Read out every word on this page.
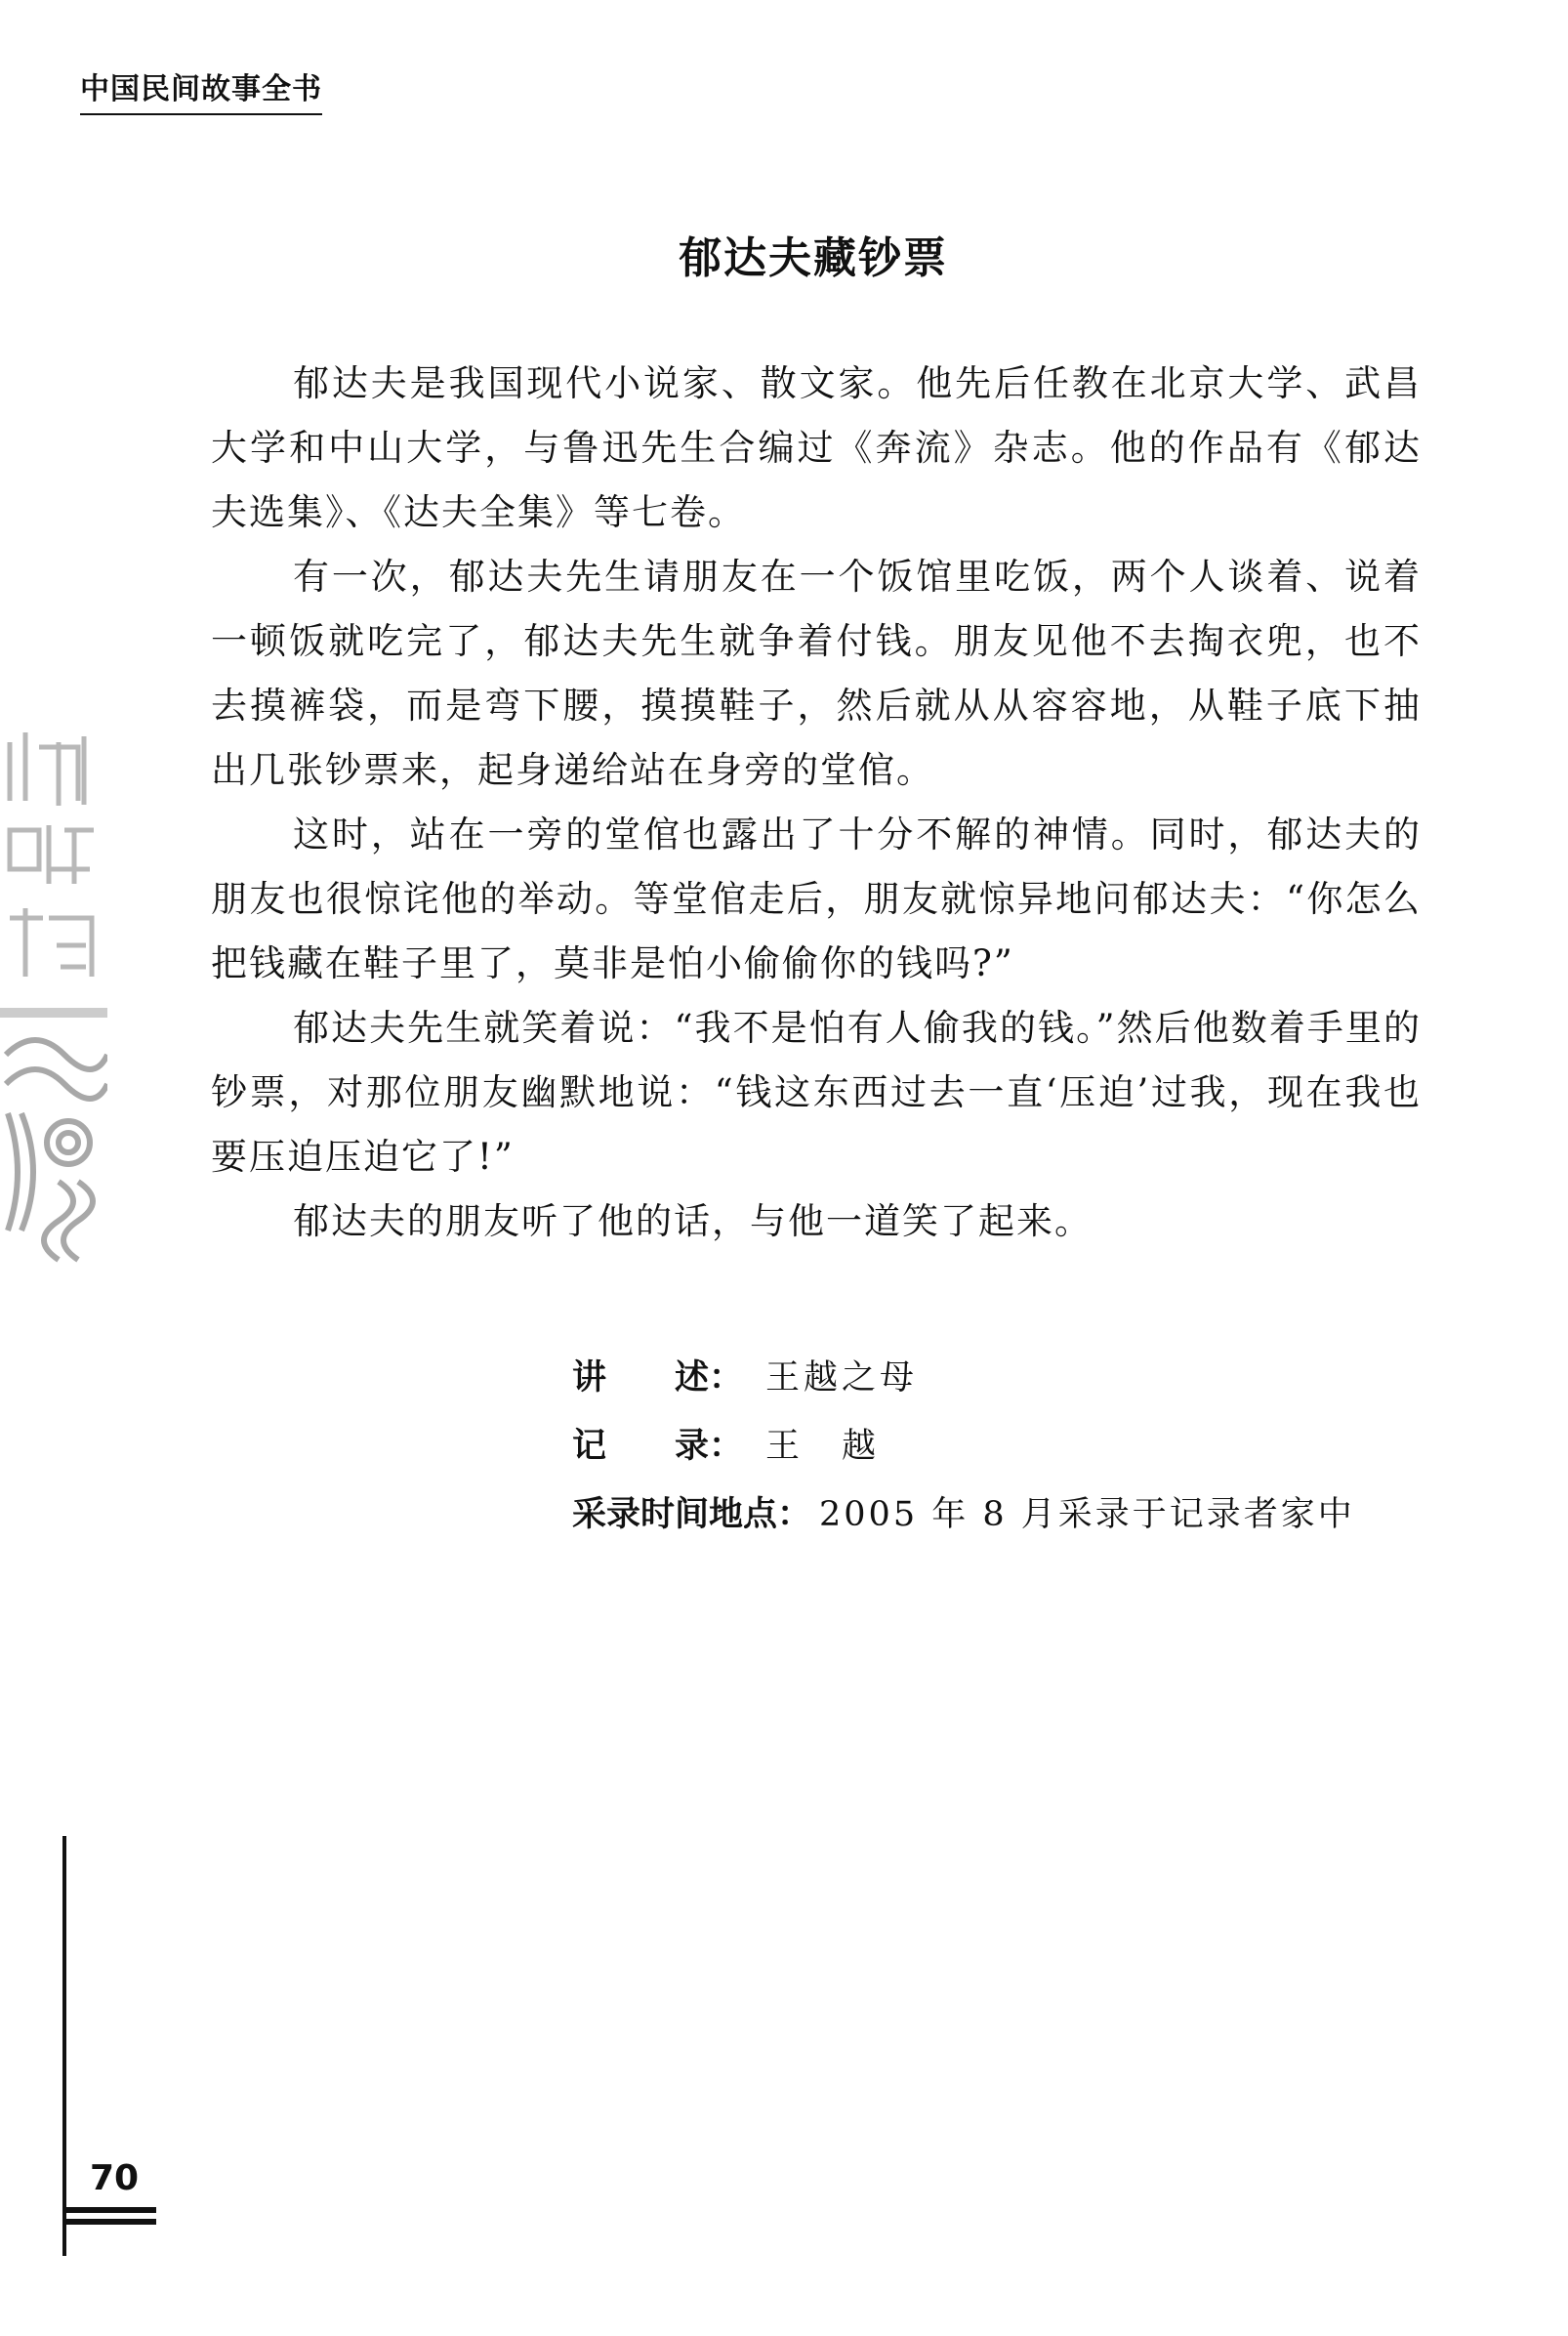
中国民间故事全书
郁达夫藏钞票

郁达夫是我国现代小说家、散文家。他先后任教在北京大学、武昌大学和中山大学，与鲁迅先生合编过《奔流》杂志。他的作品有《郁达夫选集》、《达夫全集》等七卷。

有一次，郁达夫先生请朋友在一个饭馆里吃饭，两个人谈着、说着一顿饭就吃完了，郁达夫先生就争着付钱。朋友见他不去掏衣兜，也不去摸裤袋，而是弯下腰，摸摸鞋子，然后就从从容容地，从鞋子底下抽出几张钞票来，起身递给站在身旁的堂倌。

这时，站在一旁的堂倌也露出了十分不解的神情。同时，郁达夫的朋友也很惊诧他的举动。等堂倌走后，朋友就惊异地问郁达夫：“你怎么把钱藏在鞋子里了，莫非是怕小偷偷你的钱吗?”

郁达夫先生就笑着说：“我不是怕有人偷我的钱。”然后他数着手里的钞票，对那位朋友幽默地说：“钱这东西过去一直‘压迫’过我，现在我也要压迫压迫它了!”

郁达夫的朋友听了他的话，与他一道笑了起来。

讲　　述： 王越之母
记　　录： 王　越
采录时间地点： 2005 年 8 月采录于记录者家中
70
